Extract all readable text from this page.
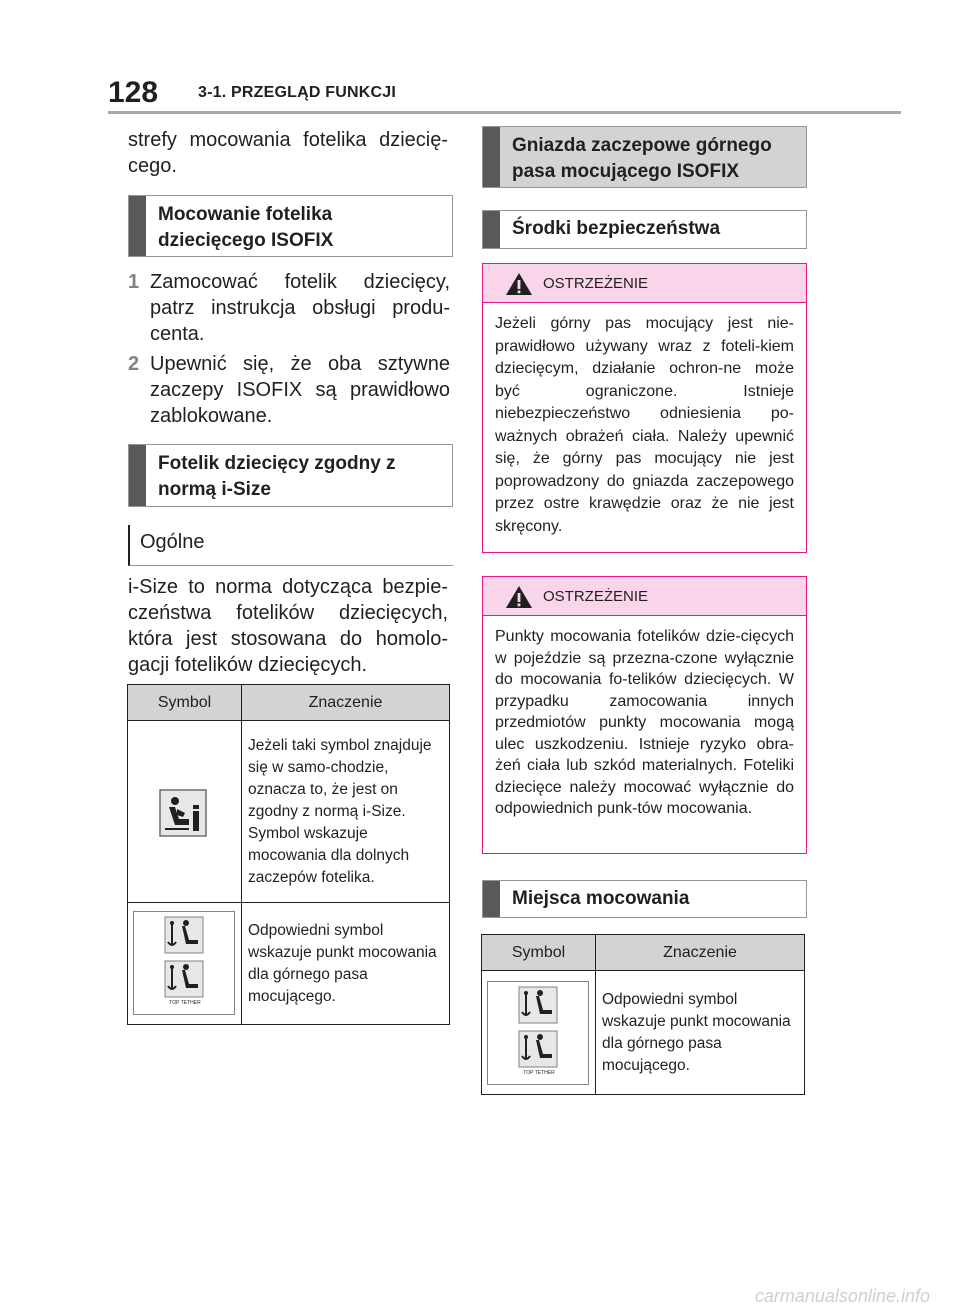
128 3-1. PRZEGLĄD FUNKCJI
strefy mocowania fotelika dziecię-cego.
Mocowanie fotelika dziecięcego ISOFIX
1 Zamocować fotelik dziecięcy, patrz instrukcja obsługi produ-centa.
2 Upewnić się, że oba sztywne zaczepy ISOFIX są prawidłowo zablokowane.
Fotelik dziecięcy zgodny z normą i-Size
Ogólne
i-Size to norma dotycząca bezpie-czeństwa fotelików dziecięcych, która jest stosowana do homolo-gacji fotelików dziecięcych.
Symbol	Znaczenie

	Jeżeli taki symbol znajduje się w samo-chodzie, oznacza to, że jest on zgodny z normą i-Size. Symbol wskazuje mocowania dla dolnych zaczepów fotelika.

TOP TETHER	Odpowiedni symbol wskazuje punkt mocowania dla górnego pasa mocującego.
Gniazda zaczepowe górnego pasa mocującego ISOFIX
Środki bezpieczeństwa
OSTRZEŻENIE
Jeżeli górny pas mocujący jest nie-prawidłowo używany wraz z foteli-kiem dziecięcym, działanie ochron-ne może być ograniczone. Istnieje niebezpieczeństwo odniesienia po-ważnych obrażeń ciała. Należy upewnić się, że górny pas mocujący nie jest poprowadzony do gniazda zaczepowego przez ostre krawędzie oraz że nie jest skręcony.
OSTRZEŻENIE
Punkty mocowania fotelików dzie-cięcych w pojeździe są przezna-czone wyłącznie do mocowania fo-telików dziecięcych. W przypadku zamocowania innych przedmiotów punkty mocowania mogą ulec uszkodzeniu. Istnieje ryzyko obra-żeń ciała lub szkód materialnych. Foteliki dziecięce należy mocować wyłącznie do odpowiednich punk-tów mocowania.
Miejsca mocowania
Symbol	Znaczenie

TOP TETHER	Odpowiedni symbol wskazuje punkt mocowania dla górnego pasa mocującego.
carmanualsonline.info
